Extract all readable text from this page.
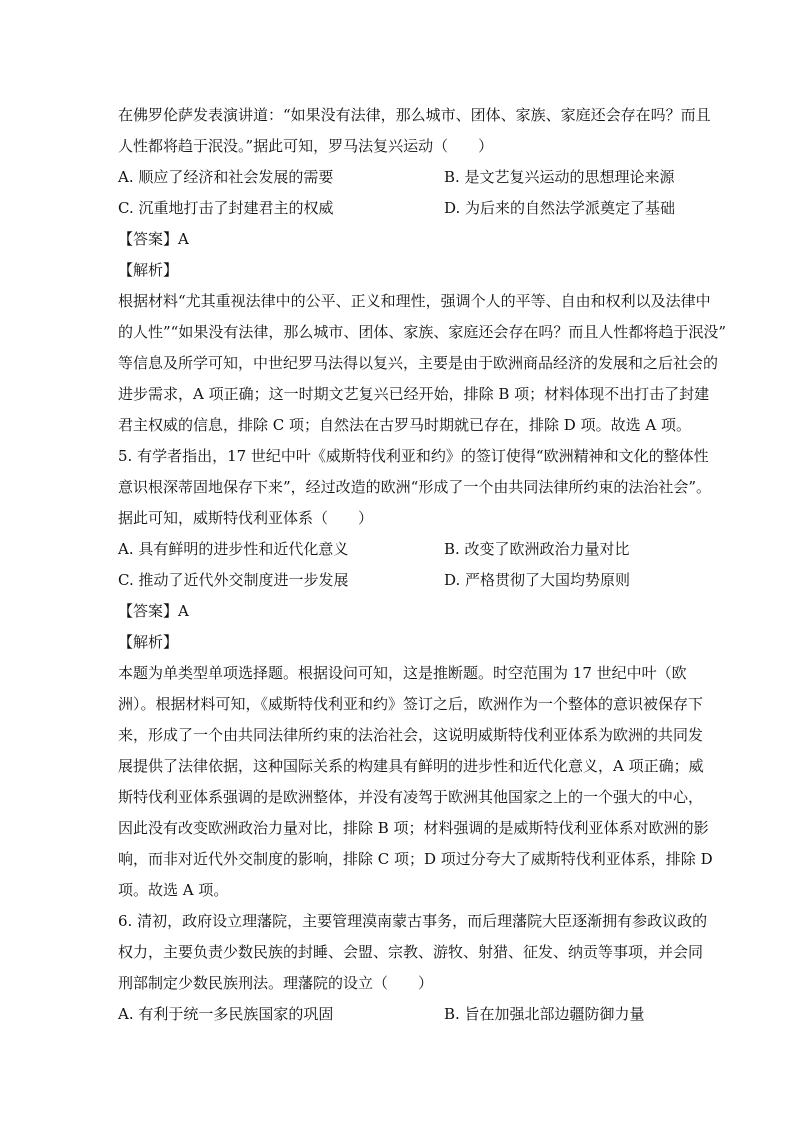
在佛罗伦萨发表演讲道：“如果没有法律，那么城市、团体、家族、家庭还会存在吗？而且
人性都将趋于泯没。”据此可知，罗马法复兴运动（　　）
A. 顺应了经济和社会发展的需要	B. 是文艺复兴运动的思想理论来源
C. 沉重地打击了封建君主的权威	D. 为后来的自然法学派奠定了基础
【答案】A
【解析】
根据材料“尤其重视法律中的公平、正义和理性，强调个人的平等、自由和权利以及法律中
的人性”“如果没有法律，那么城市、团体、家族、家庭还会存在吗？而且人性都将趋于泯没”
等信息及所学可知，中世纪罗马法得以复兴，主要是由于欧洲商品经济的发展和之后社会的
进步需求，A 项正确；这一时期文艺复兴已经开始，排除 B 项；材料体现不出打击了封建
君主权威的信息，排除 C 项；自然法在古罗马时期就已存在，排除 D 项。故选 A 项。
5. 有学者指出，17 世纪中叶《威斯特伐利亚和约》的签订使得“欧洲精神和文化的整体性
意识根深蒂固地保存下来”，经过改造的欧洲“形成了一个由共同法律所约束的法治社会”。
据此可知，威斯特伐利亚体系（　　）
A. 具有鲜明的进步性和近代化意义	B. 改变了欧洲政治力量对比
C. 推动了近代外交制度进一步发展	D. 严格贯彻了大国均势原则
【答案】A
【解析】
本题为单类型单项选择题。根据设问可知，这是推断题。时空范围为 17 世纪中叶（欧
洲）。根据材料可知，《威斯特伐利亚和约》签订之后，欧洲作为一个整体的意识被保存下
来，形成了一个由共同法律所约束的法治社会，这说明威斯特伐利亚体系为欧洲的共同发
展提供了法律依据，这种国际关系的构建具有鲜明的进步性和近代化意义，A 项正确；威
斯特伐利亚体系强调的是欧洲整体，并没有凌驾于欧洲其他国家之上的一个强大的中心，
因此没有改变欧洲政治力量对比，排除 B 项；材料强调的是威斯特伐利亚体系对欧洲的影
响，而非对近代外交制度的影响，排除 C 项；D 项过分夸大了威斯特伐利亚体系，排除 D
项。故选 A 项。
6. 清初，政府设立理藩院，主要管理漠南蒙古事务，而后理藩院大臣逐渐拥有参政议政的
权力，主要负责少数民族的封睡、会盟、宗教、游牧、射猎、征发、纳贡等事项，并会同
刑部制定少数民族刑法。理藩院的设立（　　）
A. 有利于统一多民族国家的巩固	B. 旨在加强北部边疆防御力量
